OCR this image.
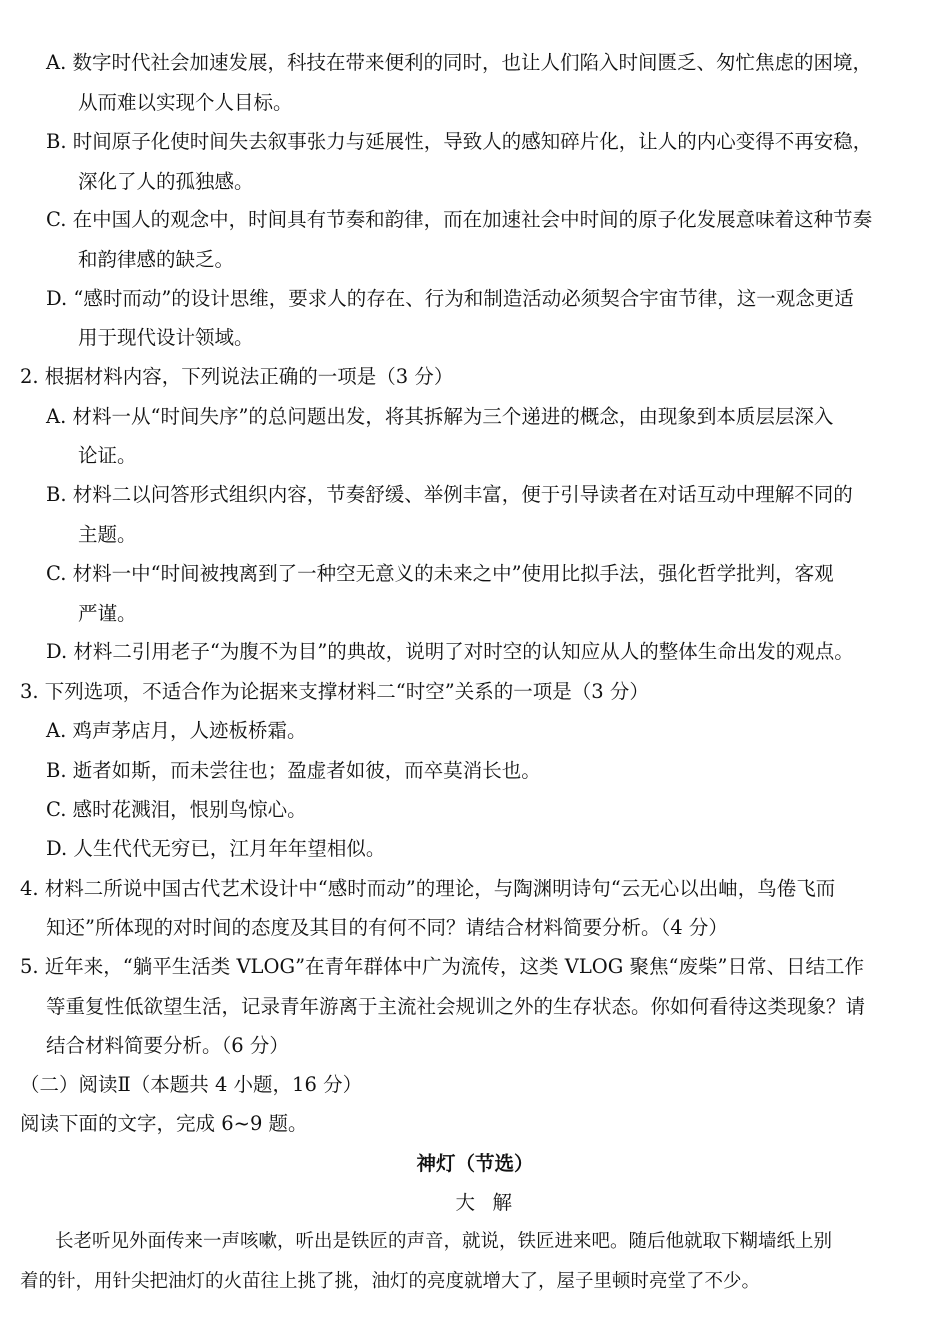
A. 数字时代社会加速发展，科技在带来便利的同时，也让人们陷入时间匮乏、匆忙焦虑的困境，
从而难以实现个人目标。
B. 时间原子化使时间失去叙事张力与延展性，导致人的感知碎片化，让人的内心变得不再安稳，
深化了人的孤独感。
C. 在中国人的观念中，时间具有节奏和韵律，而在加速社会中时间的原子化发展意味着这种节奏
和韵律感的缺乏。
D. “感时而动”的设计思维，要求人的存在、行为和制造活动必须契合宇宙节律，这一观念更适
用于现代设计领域。
2. 根据材料内容，下列说法正确的一项是（3 分）
A. 材料一从“时间失序”的总问题出发，将其拆解为三个递进的概念，由现象到本质层层深入
论证。
B. 材料二以问答形式组织内容，节奏舒缓、举例丰富，便于引导读者在对话互动中理解不同的
主题。
C. 材料一中“时间被拽离到了一种空无意义的未来之中”使用比拟手法，强化哲学批判，客观
严谨。
D. 材料二引用老子“为腹不为目”的典故，说明了对时空的认知应从人的整体生命出发的观点。
3. 下列选项，不适合作为论据来支撑材料二“时空”关系的一项是（3 分）
A. 鸡声茅店月，人迹板桥霜。
B. 逝者如斯，而未尝往也；盈虚者如彼，而卒莫消长也。
C. 感时花溅泪，恨别鸟惊心。
D. 人生代代无穷已，江月年年望相似。
4. 材料二所说中国古代艺术设计中“感时而动”的理论，与陶渊明诗句“云无心以出岫，鸟倦飞而
知还”所体现的对时间的态度及其目的有何不同？请结合材料简要分析。（4 分）
5. 近年来，“躺平生活类 VLOG”在青年群体中广为流传，这类 VLOG 聚焦“废柴”日常、日结工作
等重复性低欲望生活，记录青年游离于主流社会规训之外的生存状态。你如何看待这类现象？请
结合材料简要分析。（6 分）
（二）阅读Ⅱ（本题共 4 小题，16 分）
阅读下面的文字，完成 6~9 题。
神灯（节选）
大解
长老听见外面传来一声咳嗽，听出是铁匠的声音，就说，铁匠进来吧。随后他就取下糊墙纸上别
着的针，用针尖把油灯的火苗往上挑了挑，油灯的亮度就增大了，屋子里顿时亮堂了不少。
